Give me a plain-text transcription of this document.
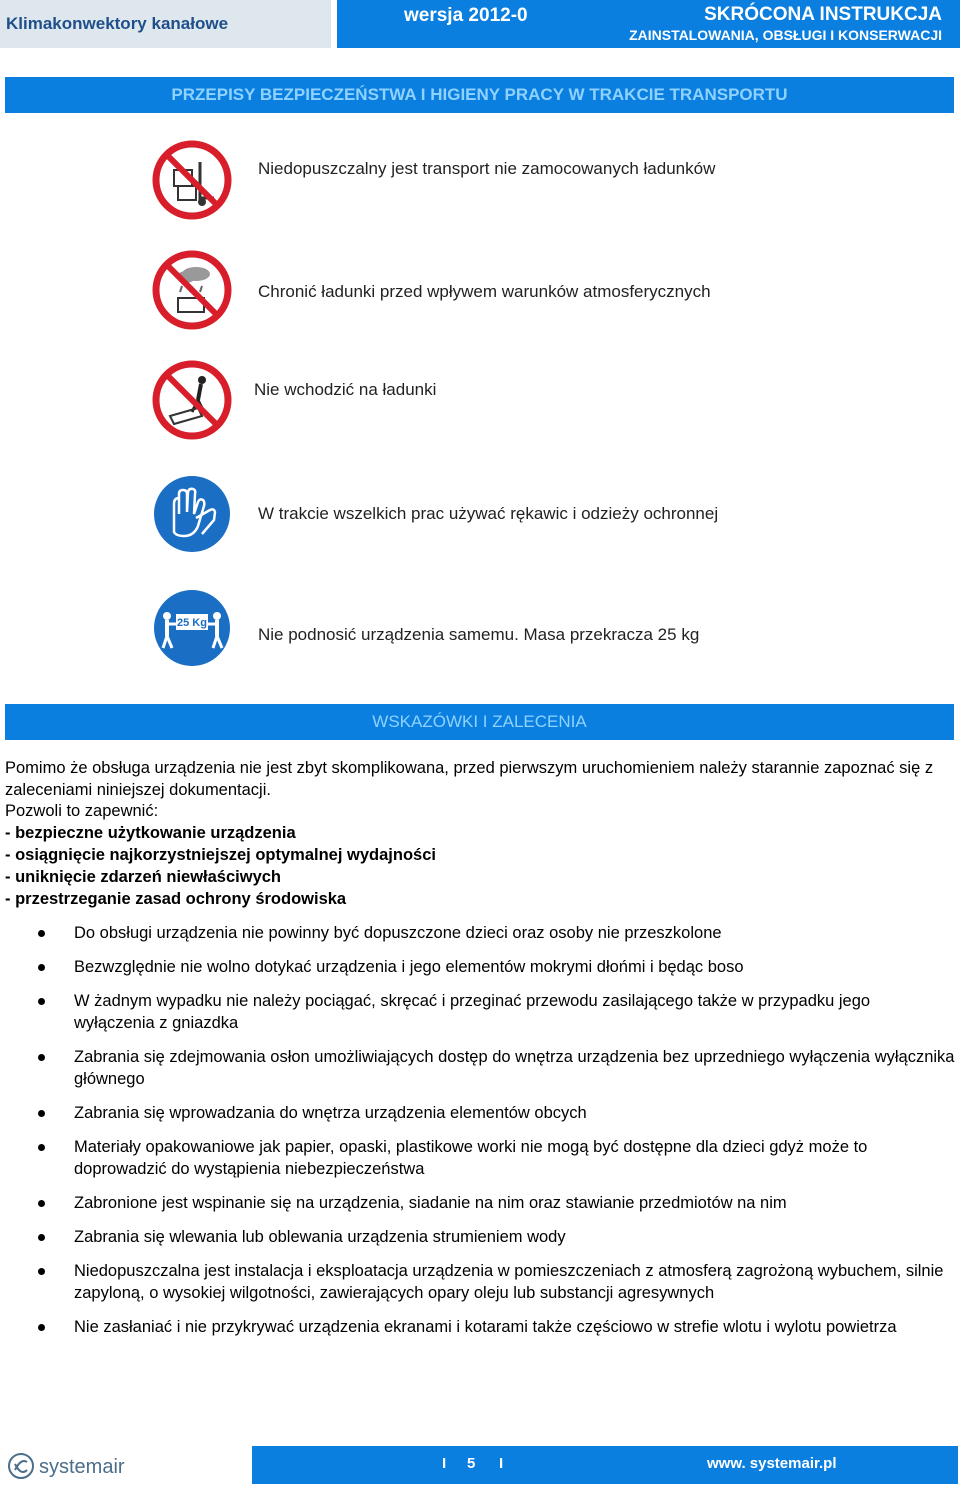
Klimakonwektory kanałowe	wersja 2012-0	SKRÓCONA INSTRUKCJA
ZAINSTALOWANIA, OBSŁUGI I KONSERWACJI
PRZEPISY BEZPIECZEŃSTWA I HIGIENY PRACY W TRAKCIE TRANSPORTU
Niedopuszczalny jest transport nie zamocowanych ładunków
Chronić ładunki przed wpływem warunków atmosferycznych
Nie wchodzić na ładunki
W trakcie wszelkich prac używać rękawic i odzieży ochronnej
25 Kg
Nie podnosić urządzenia samemu. Masa przekracza 25 kg
WSKAZÓWKI I ZALECENIA
Pomimo że obsługa urządzenia nie jest zbyt skomplikowana, przed pierwszym uruchomieniem należy starannie zapoznać się z zaleceniami niniejszej dokumentacji.
Pozwoli to zapewnić:
- bezpieczne użytkowanie urządzenia
- osiągnięcie najkorzystniejszej optymalnej wydajności
- uniknięcie zdarzeń niewłaściwych
- przestrzeganie zasad ochrony środowiska
Do obsługi urządzenia nie powinny być dopuszczone dzieci oraz osoby nie przeszkolone
Bezwzględnie nie wolno dotykać urządzenia i jego elementów mokrymi dłońmi i będąc boso
W żadnym wypadku nie należy pociągać, skręcać i przeginać przewodu zasilającego także w przypadku jego wyłączenia z gniazdka
Zabrania się zdejmowania osłon umożliwiających dostęp do wnętrza urządzenia bez uprzedniego wyłączenia wyłącznika głównego
Zabrania się wprowadzania do wnętrza urządzenia elementów obcych
Materiały opakowaniowe jak papier, opaski, plastikowe worki nie mogą być dostępne dla dzieci gdyż może to doprowadzić do wystąpienia niebezpieczeństwa
Zabronione jest wspinanie się na urządzenia, siadanie na nim oraz stawianie przedmiotów na nim
Zabrania się wlewania lub oblewania urządzenia strumieniem wody
Niedopuszczalna jest instalacja i eksploatacja urządzenia w pomieszczeniach z atmosferą zagrożoną wybuchem, silnie zapyloną, o wysokiej wilgotności, zawierających opary oleju lub substancji agresywnych
Nie zasłaniać i nie przykrywać urządzenia ekranami i kotarami także częściowo w strefie wlotu i wylotu powietrza
systemair	I 5 I	www. systemair.pl
